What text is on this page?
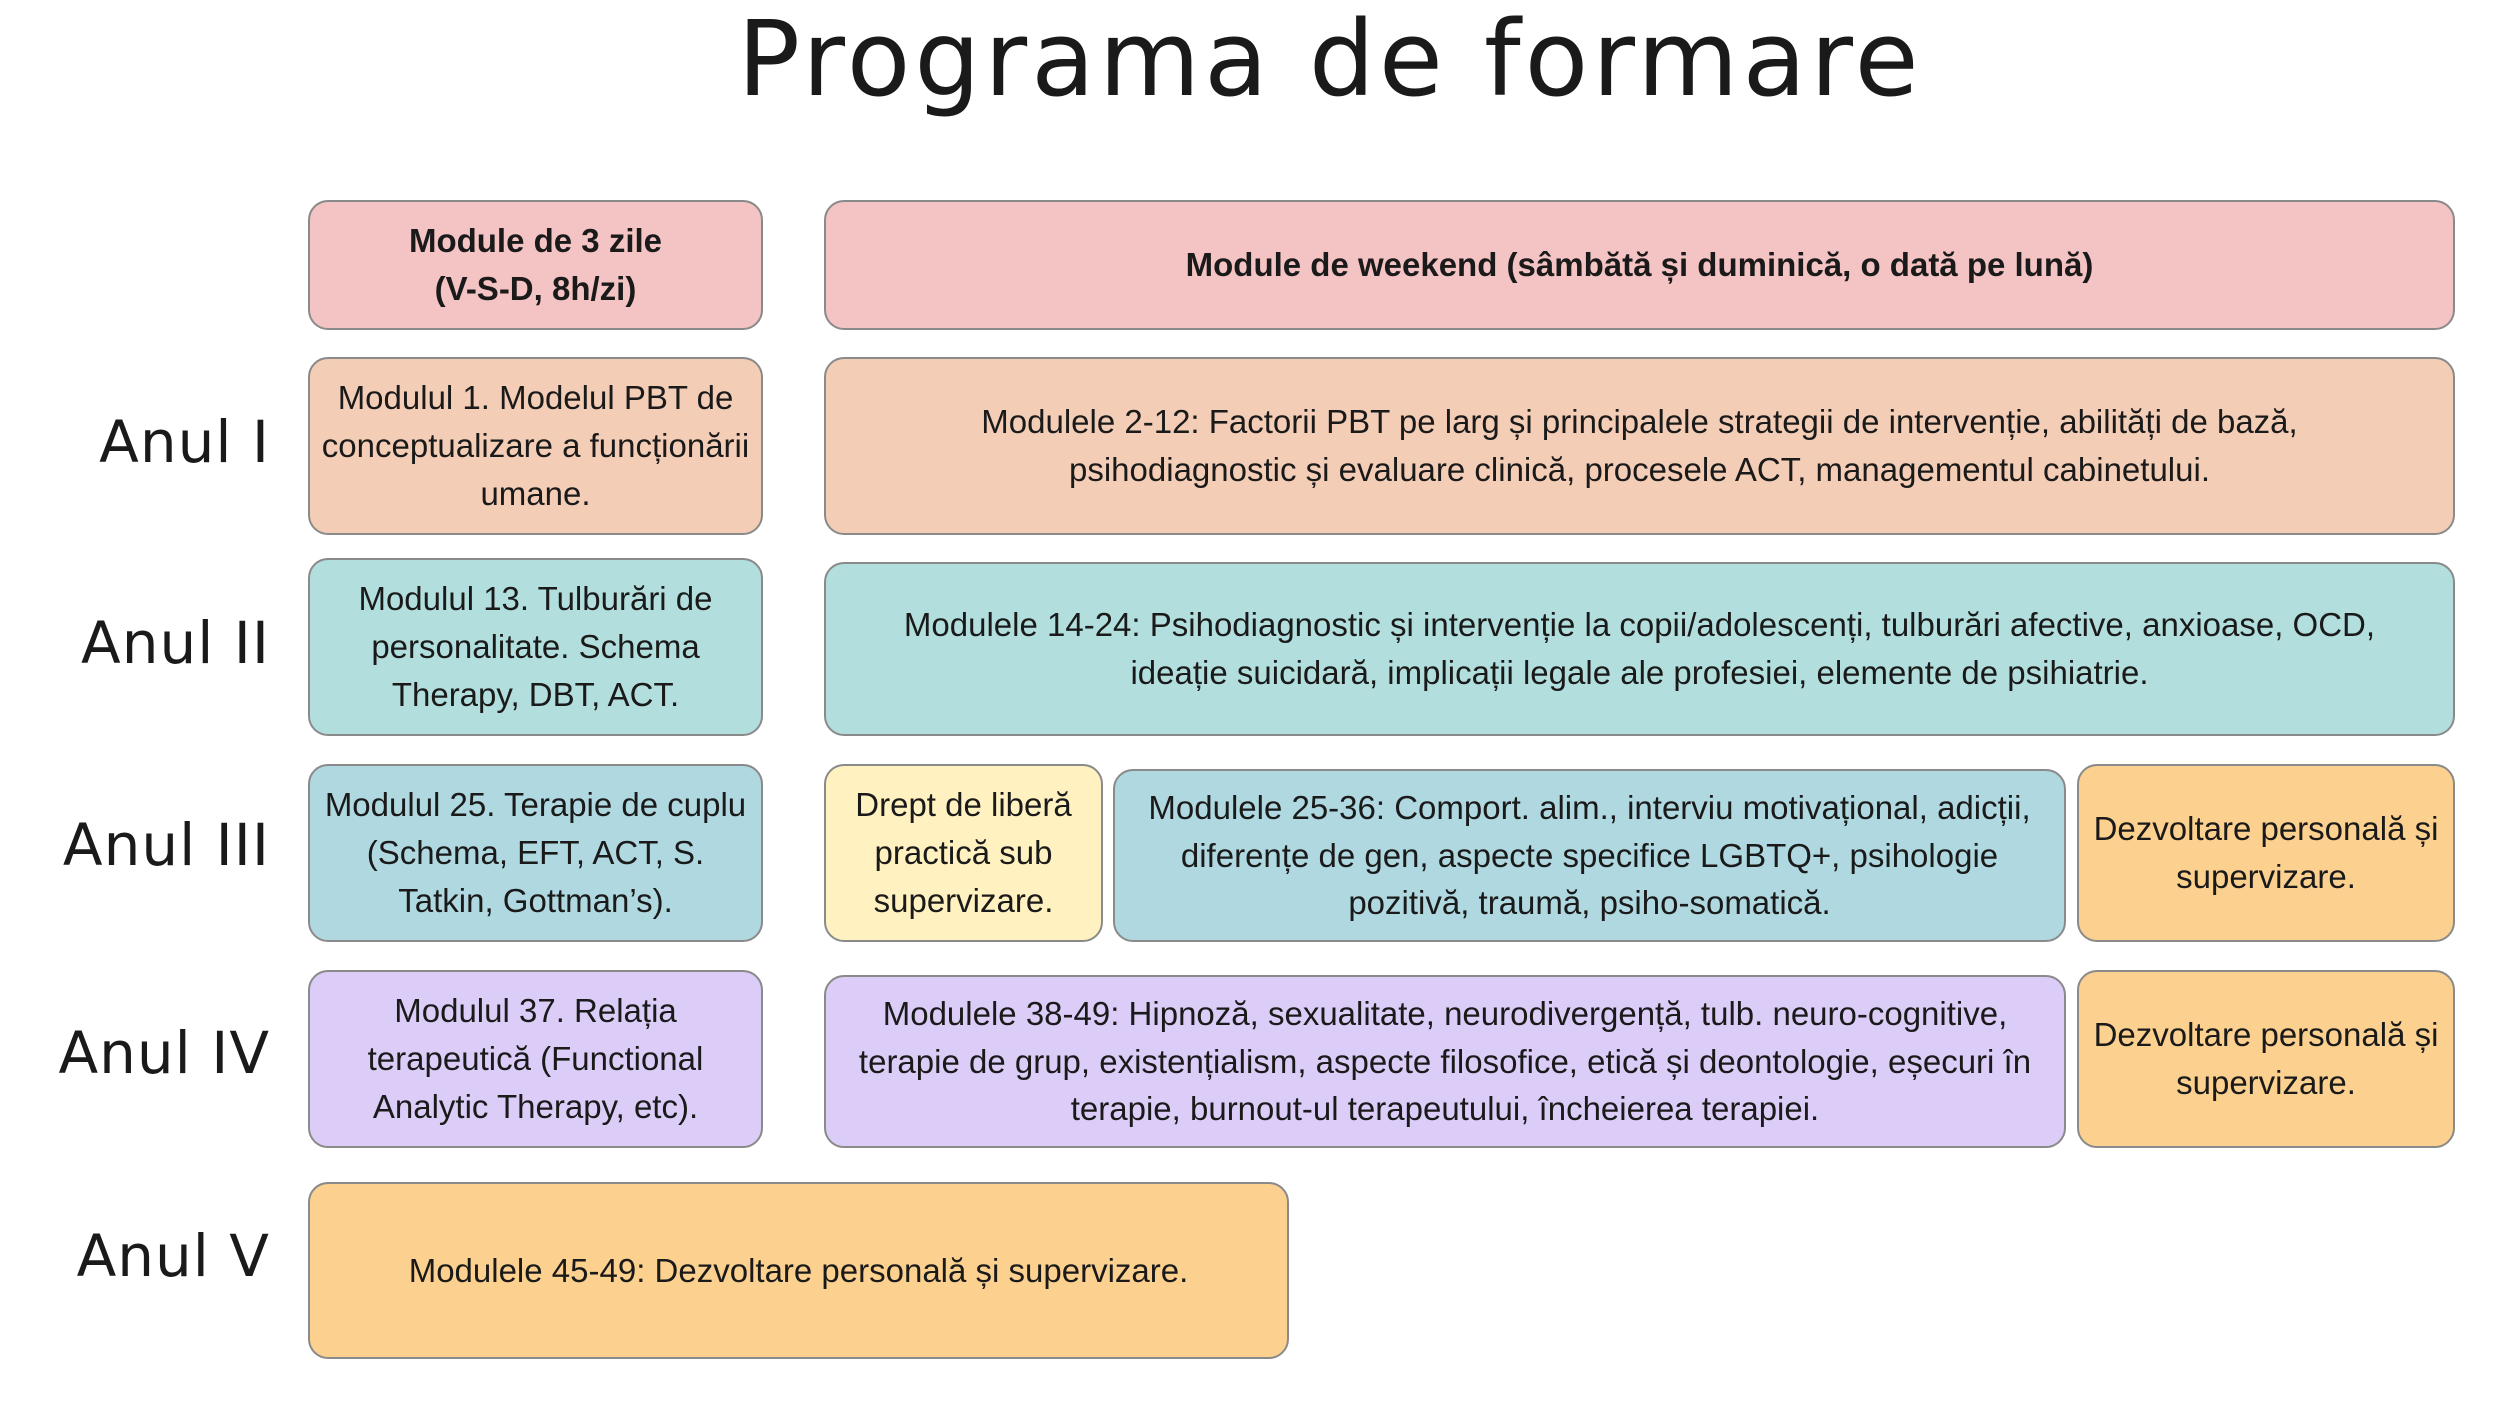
Programa de formare
Module de 3 zile
(V-S-D, 8h/zi)
Module de weekend (sâmbătă și duminică, o dată pe lună)
Anul I
Modulul 1. Modelul PBT de conceptualizare a funcționării umane.
Modulele 2-12: Factorii PBT pe larg și principalele strategii de intervenție, abilități de bază, psihodiagnostic și evaluare clinică, procesele ACT, managementul cabinetului.
Anul II
Modulul 13. Tulburări de personalitate. Schema Therapy, DBT, ACT.
Modulele 14-24: Psihodiagnostic și intervenție la copii/adolescenți, tulburări afective, anxioase, OCD, ideație suicidară, implicații legale ale profesiei, elemente de psihiatrie.
Anul III
Modulul 25. Terapie de cuplu (Schema, EFT, ACT, S. Tatkin, Gottman’s).
Drept de liberă practică sub supervizare.
Modulele 25-36: Comport. alim., interviu motivațional, adicții, diferențe de gen, aspecte specifice LGBTQ+, psihologie pozitivă, traumă, psiho-somatică.
Dezvoltare personală și supervizare.
Anul IV
Modulul 37. Relația terapeutică (Functional Analytic Therapy, etc).
Modulele 38-49: Hipnoză, sexualitate, neurodivergență, tulb. neuro-cognitive, terapie de grup, existențialism, aspecte filosofice, etică și deontologie, eșecuri în terapie, burnout-ul terapeutului, încheierea terapiei.
Dezvoltare personală și supervizare.
Anul V	Modulele 45-49: Dezvoltare personală și supervizare.
